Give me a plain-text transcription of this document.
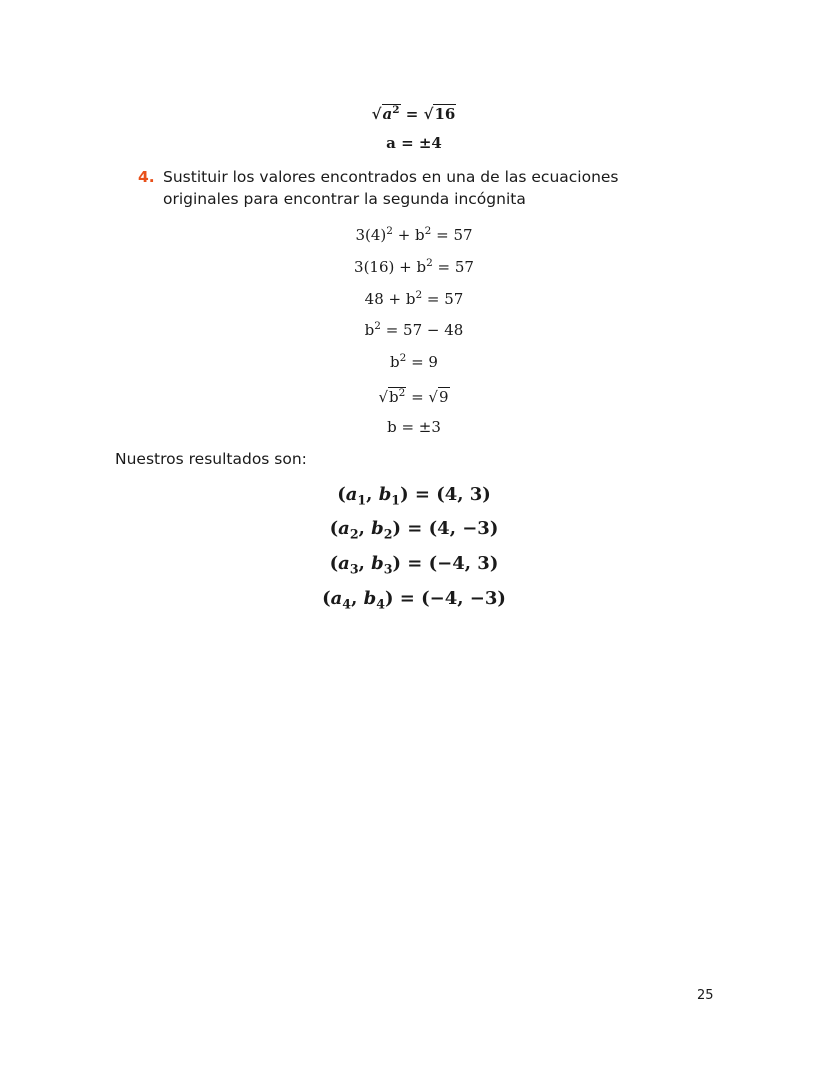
$√a^2 = √16$
a = ±4
4. Sustituir los valores encontrados en una de las ecuaciones originales para encontrar la segunda incógnita
$3(4)^2 + b^2 = 57$
$3(16) + b^2 = 57$
$48 + b^2 = 57$
$b^2 = 57 - 48$
$b^2 = 9$
$√b^2 = √9$
b = ±3
Nuestros resultados son:
($a_1$, $b_1) = (4$, 3)
($a_2$, $b_2) = (4$, −3)
($a_3$, $b_3) = (-4$, 3)
($a_4$, $b_4) = (-4$, −3)
25
